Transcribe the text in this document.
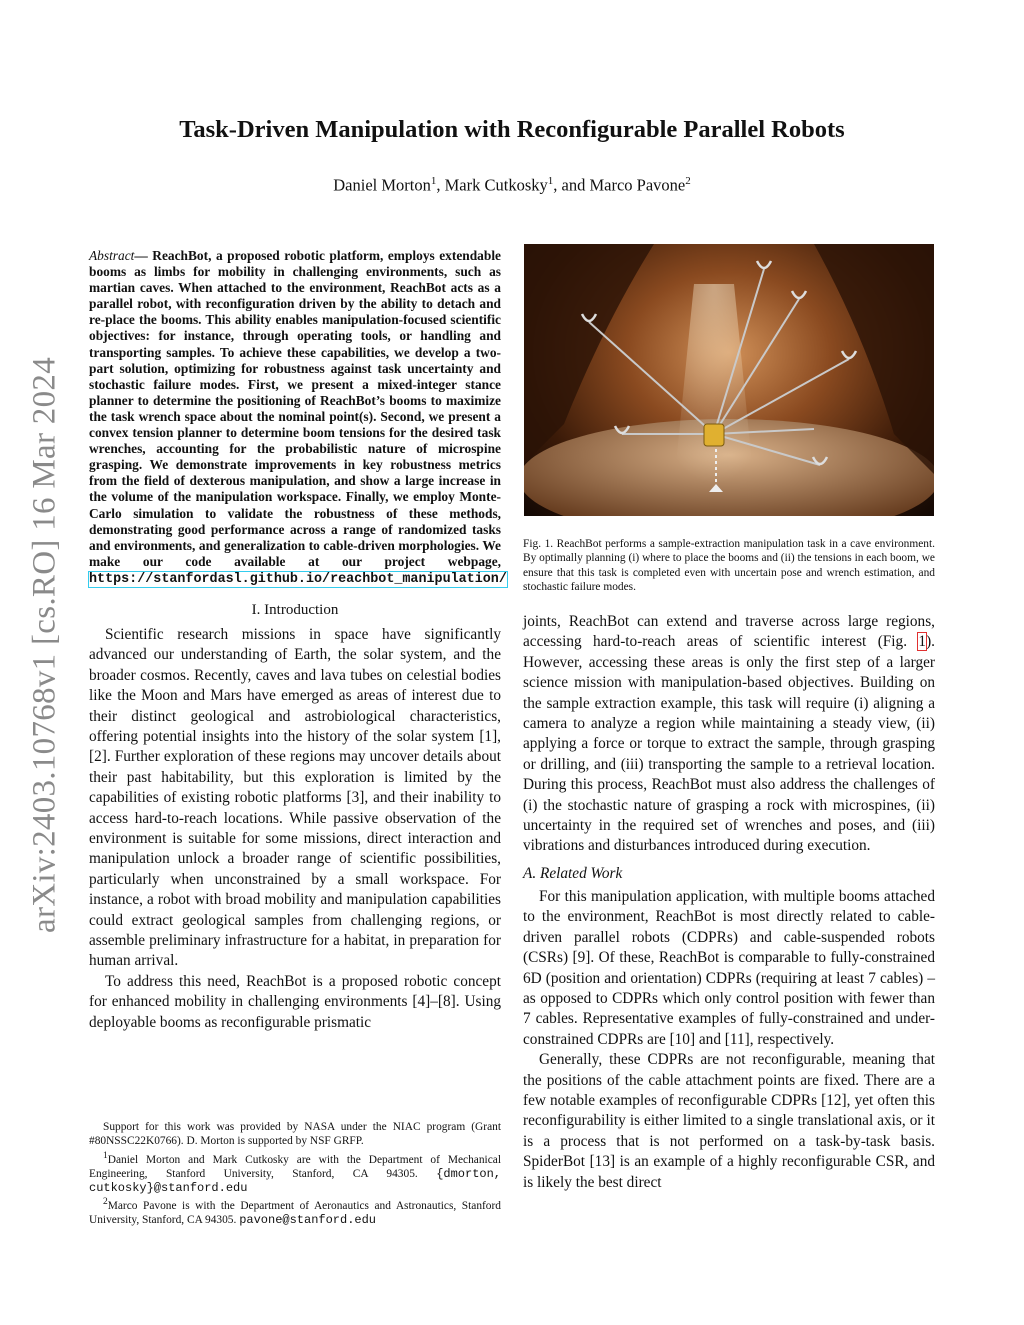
arXiv:2403.10768v1 [cs.RO] 16 Mar 2024
Task-Driven Manipulation with Reconfigurable Parallel Robots
Daniel Morton$^1$, Mark Cutkosky$^1$, and Marco Pavone$^2$

Abstract— ReachBot, a proposed robotic platform, employs extendable booms as limbs for mobility in challenging environments, such as martian caves. When attached to the environment, ReachBot acts as a parallel robot, with reconfiguration driven by the ability to detach and re-place the booms. This ability enables manipulation-focused scientific objectives: for instance, through operating tools, or handling and transporting samples. To achieve these capabilities, we develop a two-part solution, optimizing for robustness against task uncertainty and stochastic failure modes. First, we present a mixed-integer stance planner to determine the positioning of ReachBot’s booms to maximize the task wrench space about the nominal point(s). Second, we present a convex tension planner to determine boom tensions for the desired task wrenches, accounting for the probabilistic nature of microspine grasping. We demonstrate improvements in key robustness metrics from the field of dexterous manipulation, and show a large increase in the volume of the manipulation workspace. Finally, we employ Monte-Carlo simulation to validate the robustness of these methods, demonstrating good performance across a range of randomized tasks and environments, and generalization to cable-driven morphologies. We make our code available at our project webpage, https://stanfordasl.github.io/reachbot_manipulation/

I. Introduction

Scientific research missions in space have significantly advanced our understanding of Earth, the solar system, and the broader cosmos. Recently, caves and lava tubes on celestial bodies like the Moon and Mars have emerged as areas of interest due to their distinct geological and astrobiological characteristics, offering potential insights into the history of the solar system [1], [2]. Further exploration of these regions may uncover details about their past habitability, but this exploration is limited by the capabilities of existing robotic platforms [3], and their inability to access hard-to-reach locations. While passive observation of the environment is suitable for some missions, direct interaction and manipulation unlock a broader range of scientific possibilities, particularly when unconstrained by a small workspace. For instance, a robot with broad mobility and manipulation capabilities could extract geological samples from challenging regions, or assemble preliminary infrastructure for a habitat, in preparation for human arrival.

To address this need, ReachBot is a proposed robotic concept for enhanced mobility in challenging environments [4]–[8]. Using deployable booms as reconfigurable prismatic

Support for this work was provided by NASA under the NIAC program (Grant #80NSSC22K0766). D. Morton is supported by NSF GRFP.

$^1$Daniel Morton and Mark Cutkosky are with the Department of Mechanical Engineering, Stanford University, Stanford, CA 94305. {dmorton, cutkosky}@stanford.edu

$^2$Marco Pavone is with the Department of Aeronautics and Astronautics, Stanford University, Stanford, CA 94305. pavone@stanford.edu

Fig. 1. ReachBot performs a sample-extraction manipulation task in a cave environment. By optimally planning (i) where to place the booms and (ii) the tensions in each boom, we ensure that this task is completed even with uncertain pose and wrench estimation, and stochastic failure modes.

joints, ReachBot can extend and traverse across large regions, accessing hard-to-reach areas of scientific interest (Fig. 1). However, accessing these areas is only the first step of a larger science mission with manipulation-based objectives. Building on the sample extraction example, this task will require (i) aligning a camera to analyze a region while maintaining a steady view, (ii) applying a force or torque to extract the sample, through grasping or drilling, and (iii) transporting the sample to a retrieval location. During this process, ReachBot must also address the challenges of (i) the stochastic nature of grasping a rock with microspines, (ii) uncertainty in the required set of wrenches and poses, and (iii) vibrations and disturbances introduced during execution.

A. Related Work

For this manipulation application, with multiple booms attached to the environment, ReachBot is most directly related to cable-driven parallel robots (CDPRs) and cable-suspended robots (CSRs) [9]. Of these, ReachBot is comparable to fully-constrained 6D (position and orientation) CDPRs (requiring at least 7 cables) – as opposed to CDPRs which only control position with fewer than 7 cables. Representative examples of fully-constrained and under-constrained CDPRs are [10] and [11], respectively.

Generally, these CDPRs are not reconfigurable, meaning that the positions of the cable attachment points are fixed. There are a few notable examples of reconfigurable CDPRs [12], yet often this reconfigurability is either limited to a single translational axis, or it is a process that is not performed on a task-by-task basis. SpiderBot [13] is an example of a highly reconfigurable CSR, and is likely the best direct
